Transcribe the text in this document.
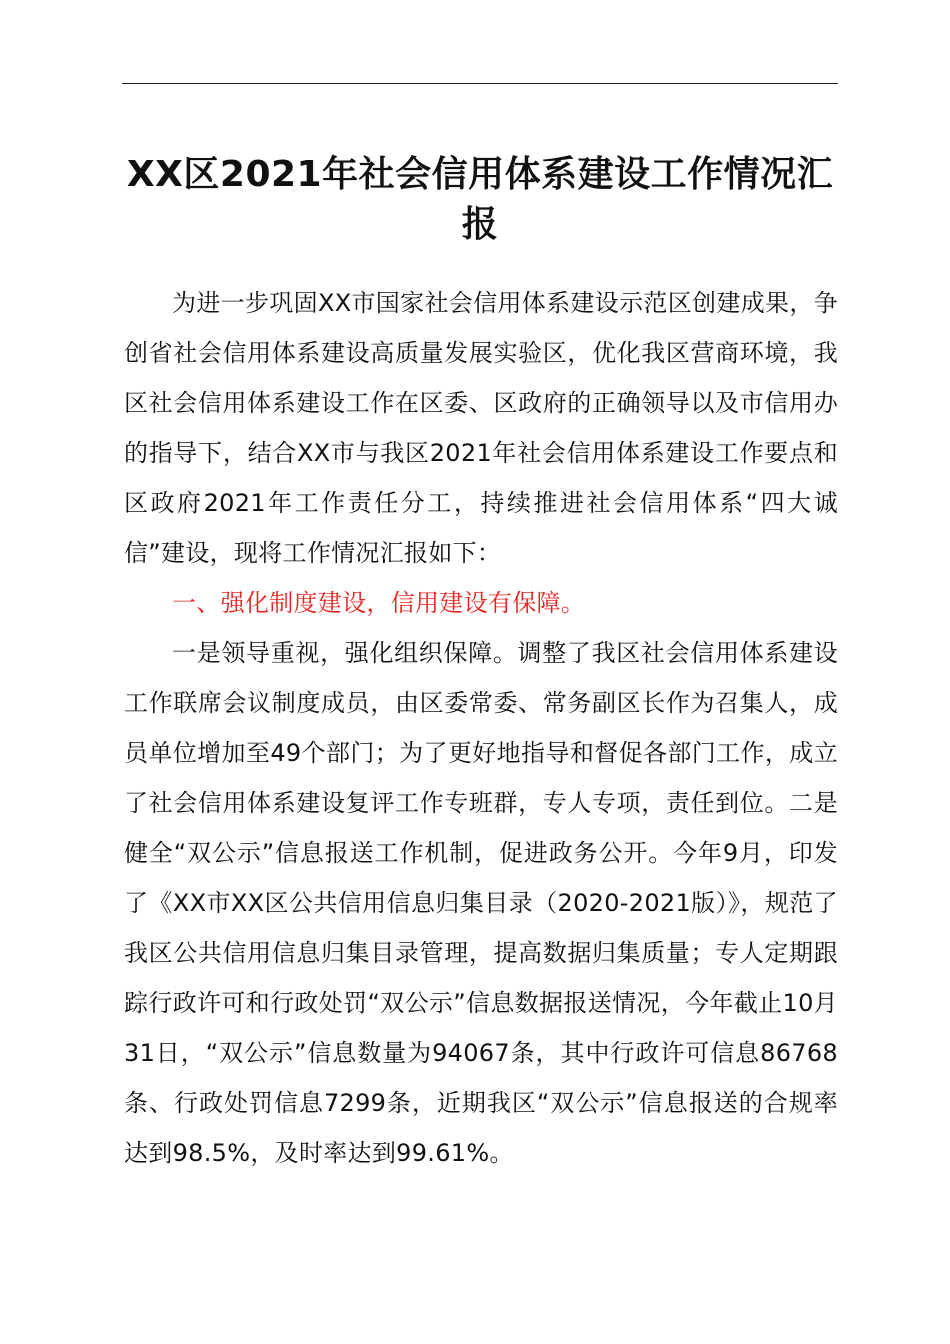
XX区2021年社会信用体系建设工作情况汇报

为进一步巩固XX市国家社会信用体系建设示范区创建成果，争创省社会信用体系建设高质量发展实验区，优化我区营商环境，我区社会信用体系建设工作在区委、区政府的正确领导以及市信用办的指导下，结合XX市与我区2021年社会信用体系建设工作要点和区政府2021年工作责任分工，持续推进社会信用体系“四大诚信”建设，现将工作情况汇报如下：

一、强化制度建设，信用建设有保障。

一是领导重视，强化组织保障。调整了我区社会信用体系建设工作联席会议制度成员，由区委常委、常务副区长作为召集人，成员单位增加至49个部门；为了更好地指导和督促各部门工作，成立了社会信用体系建设复评工作专班群，专人专项，责任到位。二是健全“双公示”信息报送工作机制，促进政务公开。今年9月，印发了《XX市XX区公共信用信息归集目录（2020-2021版）》，规范了我区公共信用信息归集目录管理，提高数据归集质量；专人定期跟踪行政许可和行政处罚“双公示”信息数据报送情况，今年截止10月31日，“双公示”信息数量为94067条，其中行政许可信息86768条、行政处罚信息7299条，近期我区“双公示”信息报送的合规率达到98.5%，及时率达到99.61%。
